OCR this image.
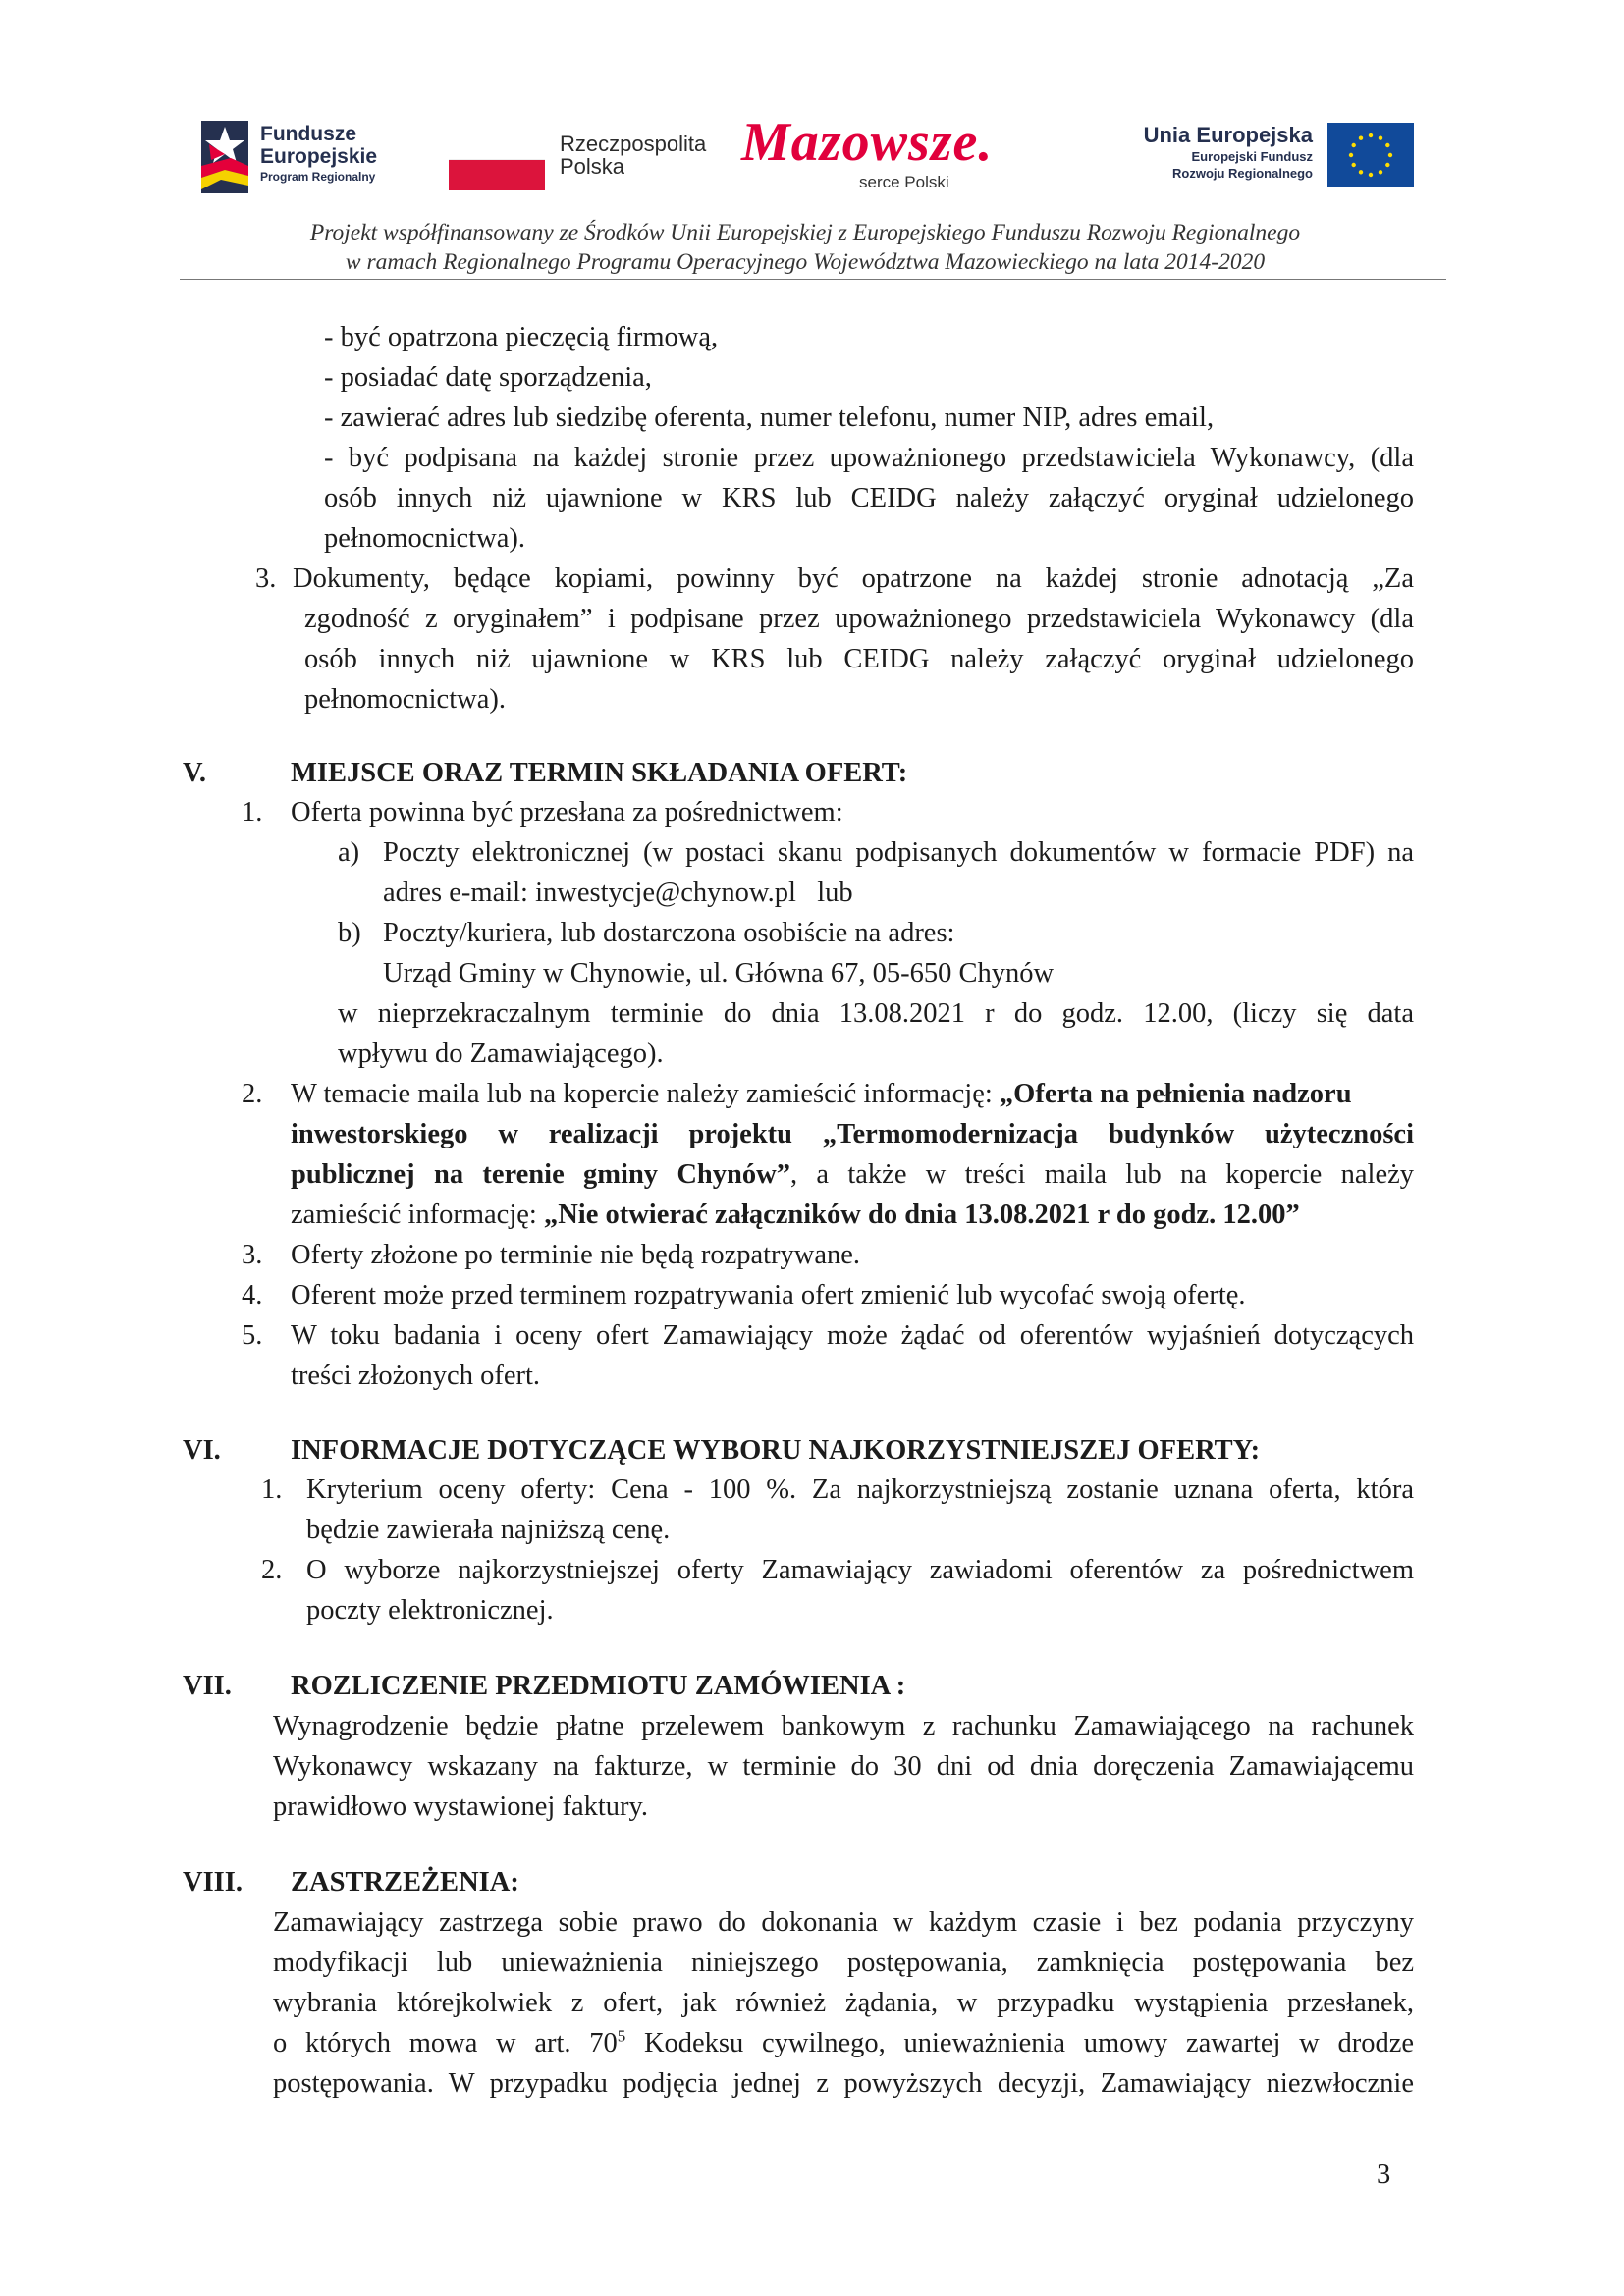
Fundusze
Europejskie
Program Regionalny
Rzeczpospolita
Polska	Mazowsze.
serce Polski
Unia Europejska
Europejski Fundusz
Rozwoju Regionalnego
Projekt współfinansowany ze Środków Unii Europejskiej z Europejskiego Funduszu Rozwoju Regionalnego
w ramach Regionalnego Programu Operacyjnego Województwa Mazowieckiego na lata 2014-2020
- być opatrzona pieczęcią firmową,
- posiadać datę sporządzenia,
- zawierać adres lub siedzibę oferenta, numer telefonu, numer NIP, adres email,
- być podpisana na każdej stronie przez upoważnionego przedstawiciela Wykonawcy, (dla
osób innych niż ujawnione w KRS lub CEIDG należy załączyć oryginał udzielonego
pełnomocnictwa).
3. Dokumenty, będące kopiami, powinny być opatrzone na każdej stronie adnotacją „Za
zgodność z oryginałem” i podpisane przez upoważnionego przedstawiciela Wykonawcy (dla
osób innych niż ujawnione w KRS lub CEIDG należy załączyć oryginał udzielonego
pełnomocnictwa).
V.	MIEJSCE ORAZ TERMIN SKŁADANIA OFERT:
1. Oferta powinna być przesłana za pośrednictwem:
a) Poczty elektronicznej (w postaci skanu podpisanych dokumentów w formacie PDF) na
adres e-mail: inwestycje@chynow.pl   lub
b) Poczty/kuriera, lub dostarczona osobiście na adres:
Urząd Gminy w Chynowie, ul. Główna 67, 05-650 Chynów
w nieprzekraczalnym terminie do dnia 13.08.2021 r do godz. 12.00, (liczy się data
wpływu do Zamawiającego).
2. W temacie maila lub na kopercie należy zamieścić informację: „Oferta na pełnienia nadzoru
inwestorskiego w realizacji projektu „Termomodernizacja budynków użyteczności
publicznej na terenie gminy Chynów”, a także w treści maila lub na kopercie należy
zamieścić informację: „Nie otwierać załączników do dnia 13.08.2021 r do godz. 12.00”
3. Oferty złożone po terminie nie będą rozpatrywane.
4. Oferent może przed terminem rozpatrywania ofert zmienić lub wycofać swoją ofertę.
5. W toku badania i oceny ofert Zamawiający może żądać od oferentów wyjaśnień dotyczących
treści złożonych ofert.
VI. INFORMACJE DOTYCZĄCE WYBORU NAJKORZYSTNIEJSZEJ OFERTY:
1. Kryterium oceny oferty: Cena - 100 %. Za najkorzystniejszą zostanie uznana oferta, która
będzie zawierała najniższą cenę.
2. O wyborze najkorzystniejszej oferty Zamawiający zawiadomi oferentów za pośrednictwem
poczty elektronicznej.
VII. ROZLICZENIE PRZEDMIOTU ZAMÓWIENIA :
Wynagrodzenie będzie płatne przelewem bankowym z rachunku Zamawiającego na rachunek
Wykonawcy wskazany na fakturze, w terminie do 30 dni od dnia doręczenia Zamawiającemu
prawidłowo wystawionej faktury.
VIII. ZASTRZEŻENIA:
Zamawiający zastrzega sobie prawo do dokonania w każdym czasie i bez podania przyczyny
modyfikacji lub unieważnienia niniejszego postępowania, zamknięcia postępowania bez
wybrania którejkolwiek z ofert, jak również żądania, w przypadku wystąpienia przesłanek,
o których mowa w art. $70^5$ Kodeksu cywilnego, unieważnienia umowy zawartej w drodze
postępowania. W przypadku podjęcia jednej z powyższych decyzji, Zamawiający niezwłocznie
3
